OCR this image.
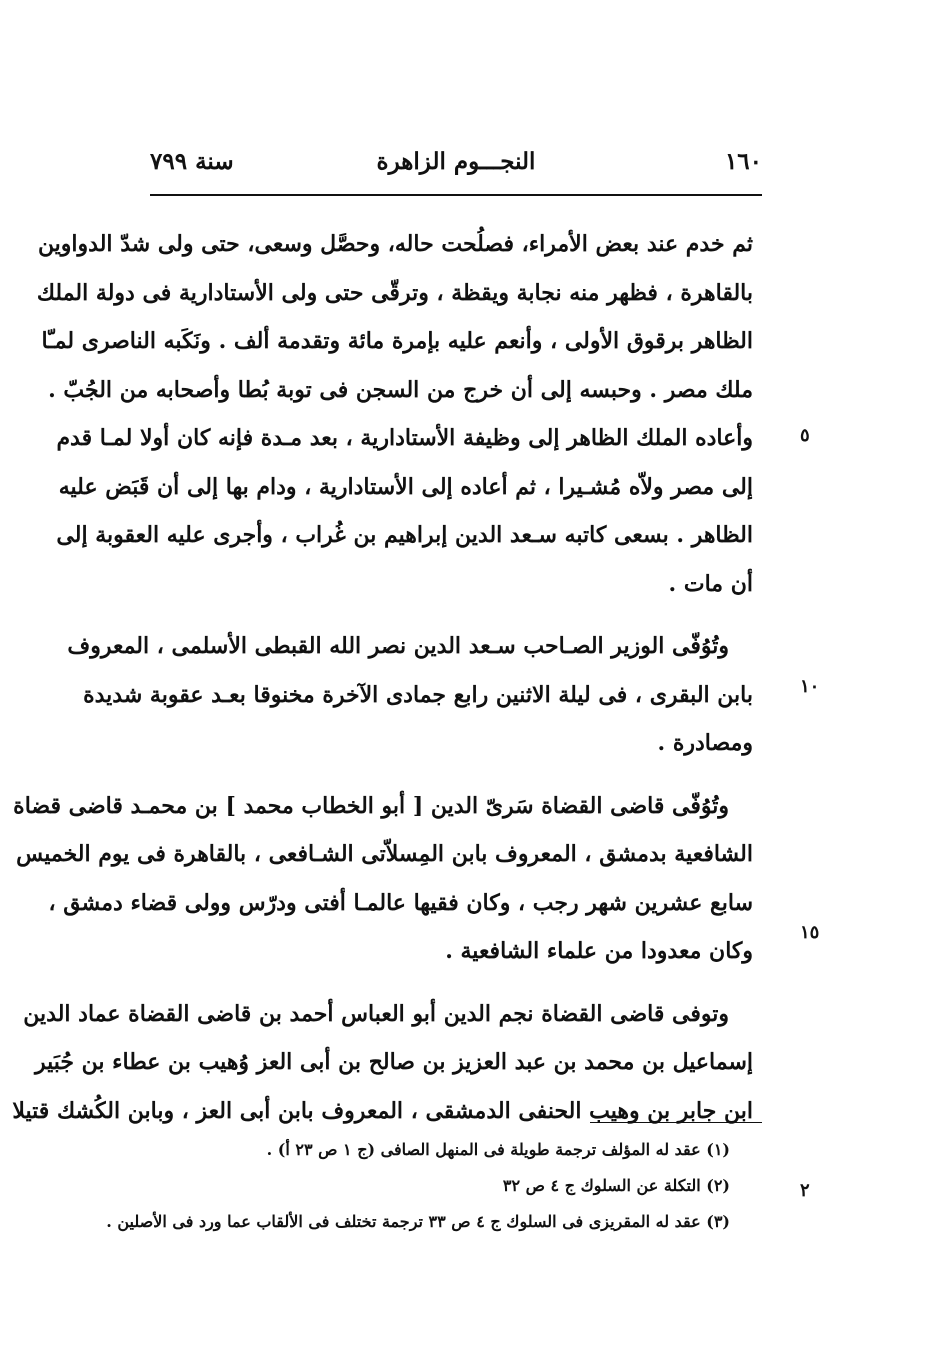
سنة ٧٩٩	النجـــوم الزاهرة	١٦٠
٥
١٠
١٥
٢
ثم خدم عند بعض الأمراء، فصلُحت حاله، وحصَّل وسعى، حتى ولى شدّ الدواوين
بالقاهرة ، فظهر منه نجابة ويقظة ، وترقّى حتى ولى الأستادارية فى دولة الملك
الظاهر برقوق الأولى ، وأنعم عليه بإمرة مائة وتقدمة ألف . ونَكَبه الناصرى لمـّا
ملك مصر . وحبسه إلى أن خرج من السجن فى توبة بُطا وأصحابه من الجُبّ .
وأعاده الملك الظاهر إلى وظيفة الأستادارية ، بعد مـدة فإنه كان أولا لمـا قدم
إلى مصر ولاّه مُشـيرا ، ثم أعاده إلى الأستادارية ، ودام بها إلى أن قَبَض عليه
الظاهر . بسعى كاتبه سـعد الدين إبراهيم بن غُراب ، وأجرى عليه العقوبة إلى
أن مات .
وتُوُفّى الوزير الصـاحب سـعد الدين نصر الله القبطى الأسلمى ، المعروف
بابن البقرى ، فى ليلة الاثنين رابع جمادى الآخرة مخنوقا بعـد عقوبة شديدة
ومصادرة .
وتُوُفّى قاضى القضاة سَرىّ الدين [ أبو الخطاب محمد ] بن محمـد قاضى قضاة
الشافعية بدمشق ، المعروف بابن المِسلاّتى الشـافعى ، بالقاهرة فى يوم الخميس
سابع عشرين شهر رجب ، وكان فقيها عالمـا أفتى ودرّس وولى قضاء دمشق ،
وكان معدودا من علماء الشافعية .
وتوفى قاضى القضاة نجم الدين أبو العباس أحمد بن قاضى القضاة عماد الدين
إسماعيل بن محمد بن عبد العزيز بن صالح بن أبى العز وُهيب بن عطاء بن جُبَير
ابن جابر بن وهيب الحنفى الدمشقى ، المعروف بابن أبى العز ، وبابن الكُشك قتيلا
(١) عقد له المؤلف ترجمة طويلة فى المنهل الصافى (ج ١ ص ٢٣ أ) .
(٢) التكلة عن السلوك ج ٤ ص ٣٢
(٣) عقد له المقريزى فى السلوك ج ٤ ص ٣٣ ترجمة تختلف فى الألقاب عما ورد فى الأصلين .
